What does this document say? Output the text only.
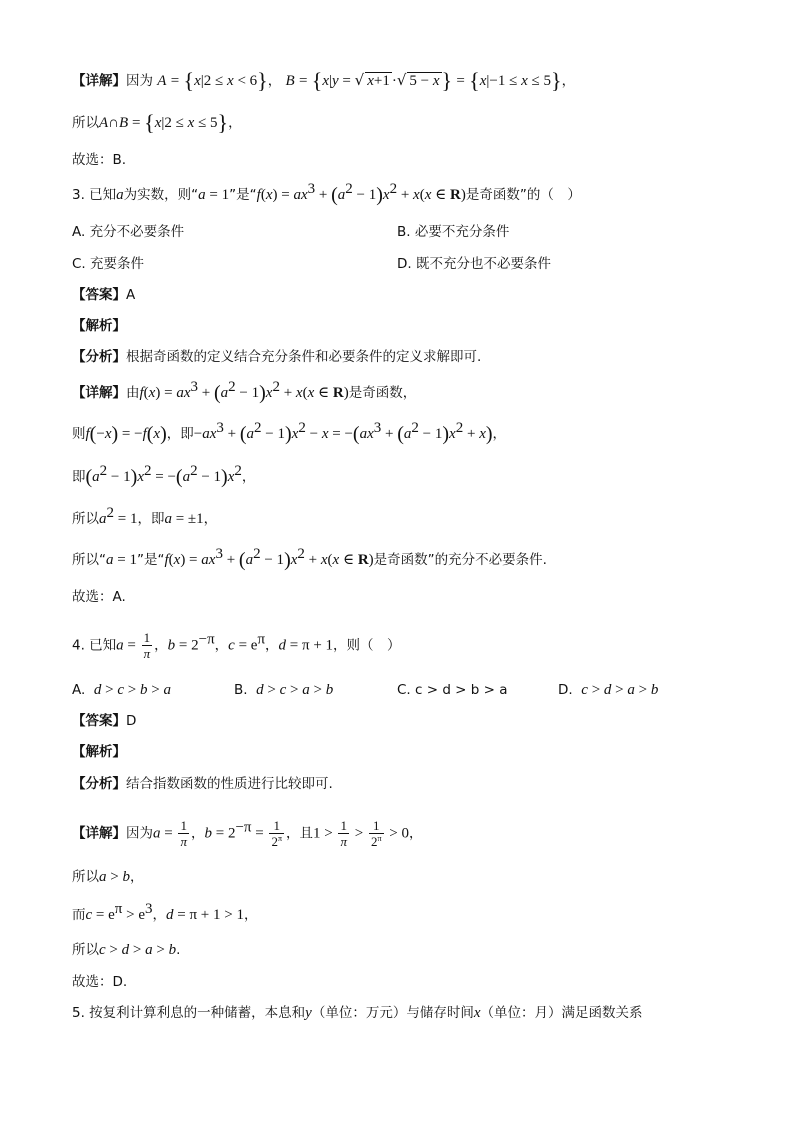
【详解】因为 A = {x|2 ≤ x < 6}， B = {x|y = √ x+1 ·√ 5 − x} = {x|−1 ≤ x ≤ 5}，
所以A∩B = {x|2 ≤ x ≤ 5}，
故选：B.
3. 已知a为实数，则“a = 1”是“$f(x) = ax^3 + (a^2 - 1)x^2 + x(x$ ∈ R)是奇函数”的（　）
A. 充分不必要条件	B. 必要不充分条件
C. 充要条件	D. 既不充分也不必要条件
【答案】A
【解析】
【分析】根据奇函数的定义结合充分条件和必要条件的定义求解即可.
【详解】由$f(x) = ax^3 + (a^2 - 1)x^2 + x(x$ ∈ R)是奇函数，
则f(−x) = −f(x)，即$-ax^3 + (a^2 - 1)x^2 - x = -(ax^3 + (a^2 - 1)x^2 + x)$，
即$(a^2 - 1)x^2 = -(a^2 - 1)x^2$，
所以$a^2 = 1$，即a = ±1，
所以“a = 1”是“$f(x) = ax^3 + (a^2 - 1)x^2 + x(x$ ∈ R)是奇函数”的充分不必要条件.
故选：A.
4. 已知$a = \frac{1}{\pi}$ ，$b = 2^{-\pi}$，$c = e^\pi$，d = π + 1，则（　）
A. d > c > b > a	B. d > c > a > b	C. c > d > b > a	D. c > d > a > b
【答案】D
【解析】
【分析】结合指数函数的性质进行比较即可.
【详解】因为$a = \frac{1}{\pi}$ ，$b = 2^{-\pi} = \frac{1}{2^\pi}$ ，且$1 > \frac{1}{\pi} > \frac{1}{2^\pi} > 0$，
所以a > b，
而$c = e^\pi > e^3$，d = π + 1 > 1，
所以c > d > a > b.
故选：D.
5. 按复利计算利息的一种储蓄，本息和y（单位：万元）与储存时间x（单位：月）满足函数关系
